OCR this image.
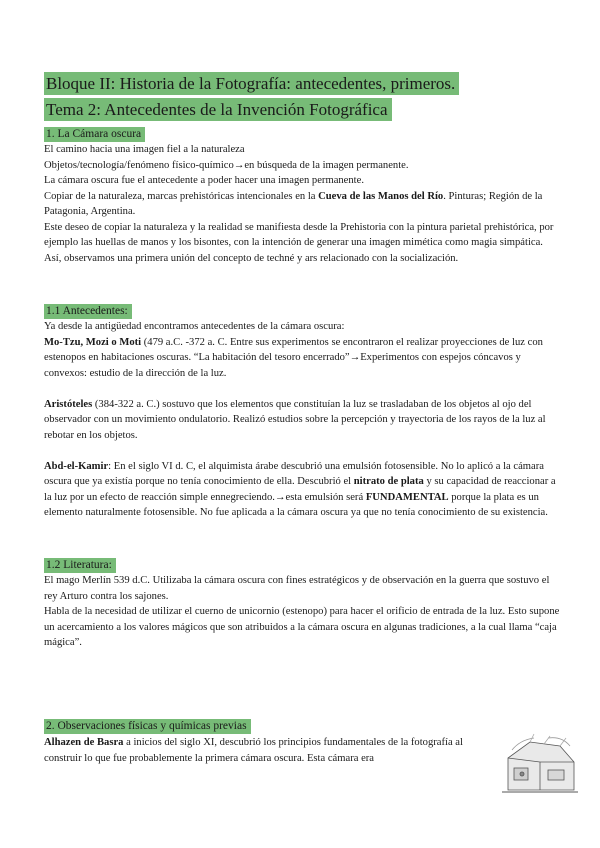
Bloque II: Historia de la Fotografía: antecedentes, primeros.
Tema 2: Antecedentes de la Invención Fotográfica
1. La Cámara oscura

El camino hacia una imagen fiel a la naturaleza

Objetos/tecnología/fenómeno físico-químico→en búsqueda de la imagen permanente.

La cámara oscura fue el antecedente a poder hacer una imagen permanente.

Copiar de la naturaleza, marcas prehistóricas intencionales en la Cueva de las Manos del Río. Pinturas; Región de la Patagonia, Argentina.

Este deseo de copiar la naturaleza y la realidad se manifiesta desde la Prehistoria con la pintura parietal prehistórica, por ejemplo las huellas de manos y los bisontes, con la intención de generar una imagen mimética como magia simpática. Así, observamos una primera unión del concepto de techné y ars relacionado con la socialización.

1.1 Antecedentes:

Ya desde la antigüedad encontramos antecedentes de la cámara oscura:

Mo-Tzu, Mozi o Moti (479 a.C. -372 a. C. Entre sus experimentos se encontraron el realizar proyecciones de luz con estenopos en habitaciones oscuras. “La habitación del tesoro encerrado”→Experimentos con espejos cóncavos y convexos: estudio de la dirección de la luz.

Aristóteles (384-322 a. C.) sostuvo que los elementos que constituían la luz se trasladaban de los objetos al ojo del observador con un movimiento ondulatorio. Realizó estudios sobre la percepción y trayectoria de los rayos de la luz al rebotar en los objetos.

Abd-el-Kamir: En el siglo VI d. C, el alquimista árabe descubrió una emulsión fotosensible. No lo aplicó a la cámara oscura que ya existía porque no tenía conocimiento de ella. Descubrió el nitrato de plata y su capacidad de reaccionar a la luz por un efecto de reacción simple ennegreciendo.→esta emulsión será FUNDAMENTAL porque la plata es un elemento naturalmente fotosensible. No fue aplicada a la cámara oscura ya que no tenía conocimiento de su existencia.

1.2 Literatura:

El mago Merlín 539 d.C. Utilizaba la cámara oscura con fines estratégicos y de observación en la guerra que sostuvo el rey Arturo contra los sajones.

Habla de la necesidad de utilizar el cuerno de unicornio (estenopo) para hacer el orificio de entrada de la luz. Esto supone un acercamiento a los valores mágicos que son atribuidos a la cámara oscura en algunas tradiciones, a la cual llama “caja mágica”.

2. Observaciones físicas y químicas previas

Alhazen de Basra a inicios del siglo XI, descubrió los principios fundamentales de la fotografía al construir lo que fue probablemente la primera cámara oscura. Esta cámara era
